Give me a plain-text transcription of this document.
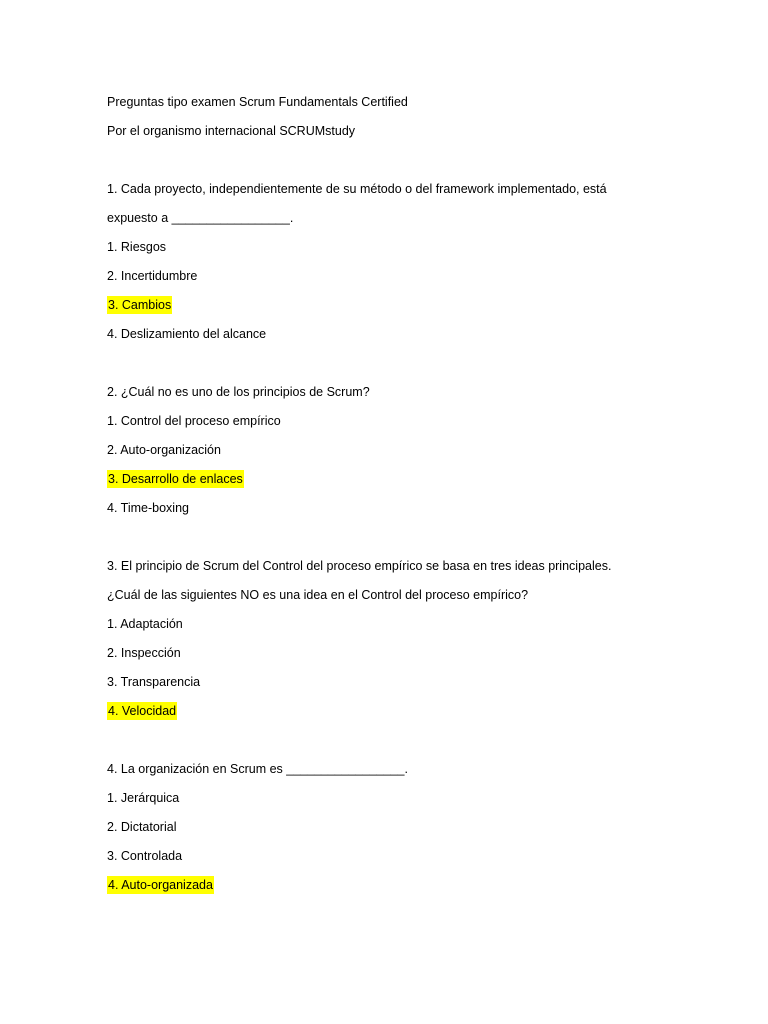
Preguntas tipo examen Scrum Fundamentals Certified
Por el organismo internacional SCRUMstudy
1. Cada proyecto, independientemente de su método o del framework implementado, está
expuesto a _________________.
1. Riesgos
2. Incertidumbre
3. Cambios
4. Deslizamiento del alcance
2. ¿Cuál no es uno de los principios de Scrum?
1. Control del proceso empírico
2. Auto-organización
3. Desarrollo de enlaces
4. Time-boxing
3. El principio de Scrum del Control del proceso empírico se basa en tres ideas principales.
¿Cuál de las siguientes NO es una idea en el Control del proceso empírico?
1. Adaptación
2. Inspección
3. Transparencia
4. Velocidad
4. La organización en Scrum es _________________.
1. Jerárquica
2. Dictatorial
3. Controlada
4. Auto-organizada
